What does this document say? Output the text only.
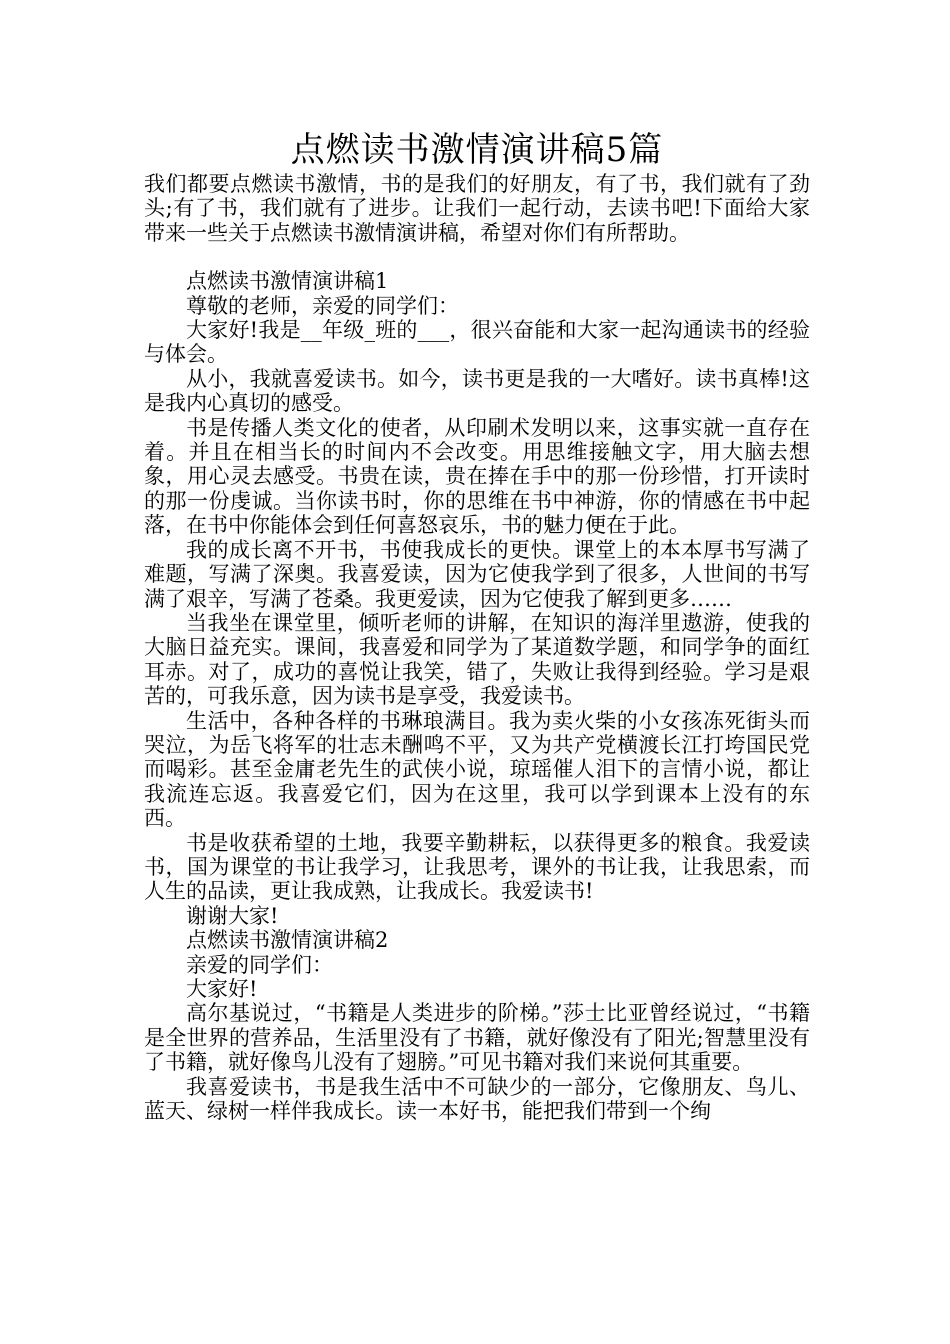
点燃读书激情演讲稿5篇

我们都要点燃读书激情，书的是我们的好朋友，有了书，我们就有了劲头;有了书，我们就有了进步。让我们一起行动，去读书吧!下面给大家带来一些关于点燃读书激情演讲稿，希望对你们有所帮助。

点燃读书激情演讲稿1

尊敬的老师，亲爱的同学们：

大家好!我是__年级_班的___，很兴奋能和大家一起沟通读书的经验与体会。

从小，我就喜爱读书。如今，读书更是我的一大嗜好。读书真棒!这是我内心真切的感受。

书是传播人类文化的使者，从印刷术发明以来，这事实就一直存在着。并且在相当长的时间内不会改变。用思维接触文字，用大脑去想象，用心灵去感受。书贵在读，贵在捧在手中的那一份珍惜，打开读时的那一份虔诚。当你读书时，你的思维在书中神游，你的情感在书中起落，在书中你能体会到任何喜怒哀乐，书的魅力便在于此。

我的成长离不开书，书使我成长的更快。课堂上的本本厚书写满了难题，写满了深奥。我喜爱读，因为它使我学到了很多，人世间的书写满了艰辛，写满了苍桑。我更爱读，因为它使我了解到更多……

当我坐在课堂里，倾听老师的讲解，在知识的海洋里遨游，使我的大脑日益充实。课间，我喜爱和同学为了某道数学题，和同学争的面红耳赤。对了，成功的喜悦让我笑，错了，失败让我得到经验。学习是艰苦的，可我乐意，因为读书是享受，我爱读书。

生活中，各种各样的书琳琅满目。我为卖火柴的小女孩冻死街头而哭泣，为岳飞将军的壮志未酬鸣不平，又为共产党横渡长江打垮国民党而喝彩。甚至金庸老先生的武侠小说，琼瑶催人泪下的言情小说，都让我流连忘返。我喜爱它们，因为在这里，我可以学到课本上没有的东西。

书是收获希望的土地，我要辛勤耕耘，以获得更多的粮食。我爱读书，国为课堂的书让我学习，让我思考，课外的书让我，让我思索，而人生的品读，更让我成熟，让我成长。我爱读书!

谢谢大家!

点燃读书激情演讲稿2

亲爱的同学们：

大家好!

高尔基说过，“书籍是人类进步的阶梯。”莎士比亚曾经说过，“书籍是全世界的营养品，生活里没有了书籍，就好像没有了阳光;智慧里没有了书籍，就好像鸟儿没有了翅膀。”可见书籍对我们来说何其重要。

我喜爱读书，书是我生活中不可缺少的一部分，它像朋友、鸟儿、蓝天、绿树一样伴我成长。读一本好书，能把我们带到一个绚
